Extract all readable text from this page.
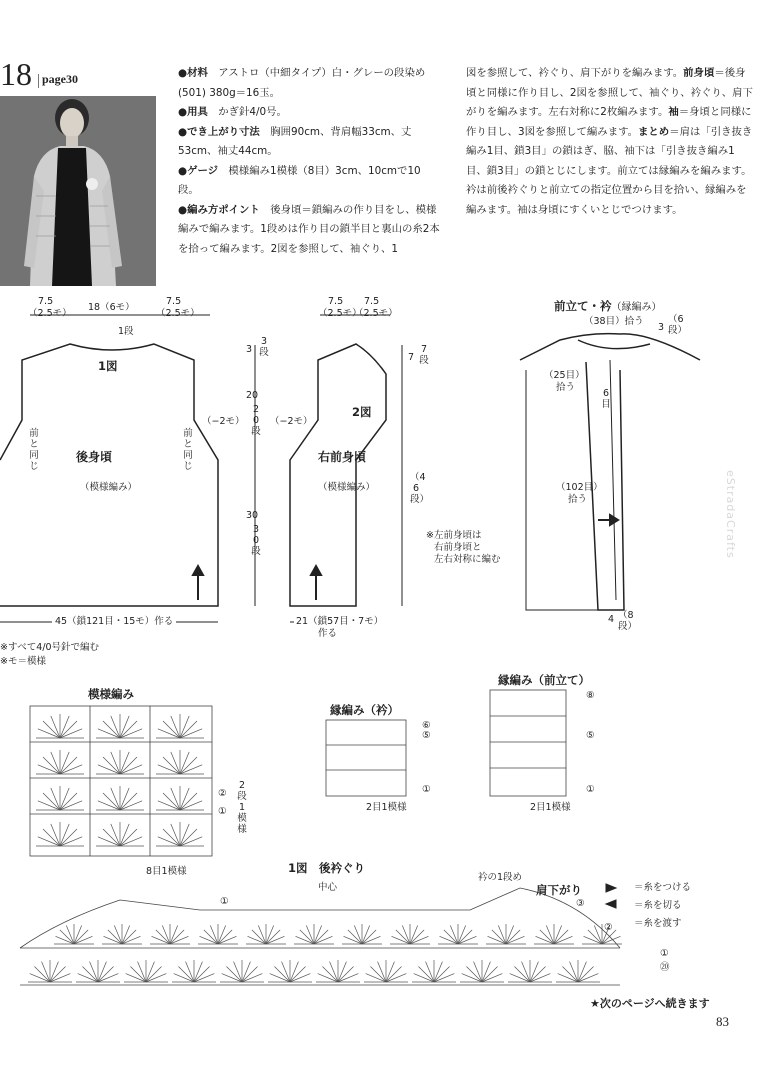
18 page30	●材料　アストロ（中細タイプ）白・グレーの段染め(501) 380g＝16玉。

●用具　かぎ針4/0号。

●でき上がり寸法　胸囲90cm、背肩幅33cm、丈53cm、袖丈44cm。

●ゲージ　模様編み1模様（8目）3cm、10cmで10段。

●編み方ポイント　後身頃＝鎖編みの作り目をし、模様編みで編みます。1段めは作り目の鎖半目と裏山の糸2本を拾って編みます。2図を参照して、袖ぐり、1

図を参照して、衿ぐり、肩下がりを編みます。前身頃＝後身頃と同様に作り目し、2図を参照して、袖ぐり、衿ぐり、肩下がりを編みます。左右対称に2枚編みます。袖＝身頃と同様に作り目し、3図を参照して編みます。まとめ＝肩は「引き抜き編み1目、鎖3目」の鎖はぎ、脇、袖下は「引き抜き編み1目、鎖3目」の鎖とじにします。前立ては縁編みを編みます。衿は前後衿ぐりと前立ての指定位置から目を拾い、縁編みを編みます。袖は身頃にすくいとじでつけます。

1図
後身頃
（模様編み）
7.5
（2.5モ）
18（6モ）
7.5
（2.5モ）
1段
（−2モ）
前と同じ
前と同じ
3
3段
20
20段
30
30段
45（鎖121目・15モ）作る
2図
右前身頃
（模様編み）
7.5
（2.5モ）
7.5
（2.5モ）
（−2モ）
7
7段
（46段）
21（鎖57目・7モ）
作る
※左前身頃は
右前身頃と
左右対称に編む
前立て・衿（縁編み）
（38目）拾う
3
（6段）
（25目）
拾う
6目
（102目）
拾う
4 （8段）
※すべて4/0号針で編む
※モ＝模様
模様編み
8目1模様
2段1模様
②
①
縁編み（衿）
2目1模様
⑥
⑤
①
縁編み（前立て）
2目1模様
⑧
⑤
①
1図　 後衿ぐり
中心
衿の1段め
肩下がり
③
②
①
⑳
①
＝糸をつける
＝糸を切る
＝糸を渡す
★次のページへ続きます
83
eStradaCrafts
